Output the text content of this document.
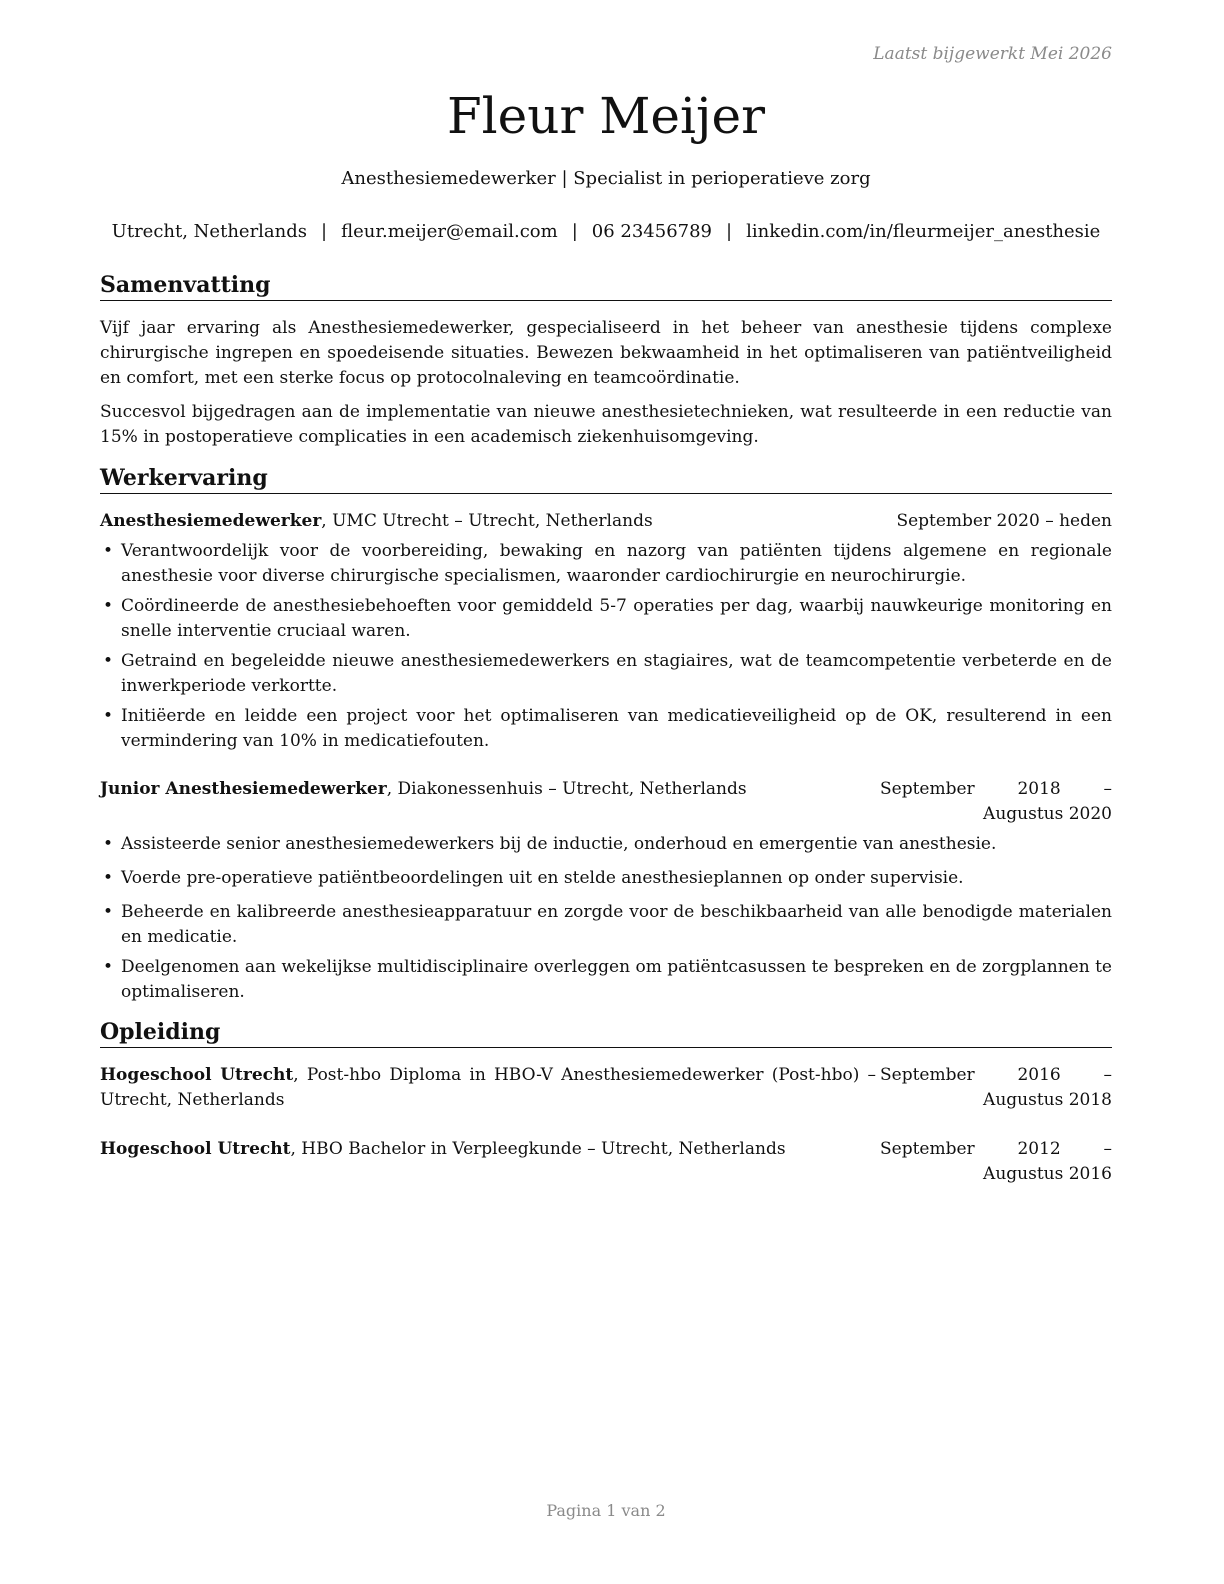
Laatst bijgewerkt Mei 2026
Fleur Meijer
Anesthesiemedewerker | Specialist in perioperatieve zorg
Utrecht, Netherlands | fleur.meijer@email.com | 06 23456789 | linkedin.com/in/fleurmeijer_anesthesie
Samenvatting

Vijf jaar ervaring als Anesthesiemedewerker, gespecialiseerd in het beheer van anesthesie tijdens complexe chirurgische ingrepen en spoedeisende situaties. Bewezen bekwaamheid in het optimaliseren van patiëntveiligheid en comfort, met een sterke focus op protocolnaleving en teamcoördinatie.

Succesvol bijgedragen aan de implementatie van nieuwe anesthesietechnieken, wat resulteerde in een reductie van 15% in postoperatieve complicaties in een academisch ziekenhuisomgeving.

Werkervaring
Anesthesiemedewerker, UMC Utrecht – Utrecht, Netherlands	September 2020 – heden
• Verantwoordelijk voor de voorbereiding, bewaking en nazorg van patiënten tijdens algemene en regionale anesthesie voor diverse chirurgische specialismen, waaronder cardiochirurgie en neurochirurgie.
• Coördineerde de anesthesiebehoeften voor gemiddeld 5-7 operaties per dag, waarbij nauwkeurige monitoring en snelle interventie cruciaal waren.
• Getraind en begeleidde nieuwe anesthesiemedewerkers en stagiaires, wat de teamcompetentie verbeterde en de inwerkperiode verkortte.
• Initiëerde en leidde een project voor het optimaliseren van medicatieveiligheid op de OK, resulterend in een vermindering van 10% in medicatiefouten.
Junior Anesthesiemedewerker, Diakonessenhuis – Utrecht, Netherlands	September 2018 – Augustus 2020
• Assisteerde senior anesthesiemedewerkers bij de inductie, onderhoud en emergentie van anesthesie.
• Voerde pre-operatieve patiëntbeoordelingen uit en stelde anesthesieplannen op onder supervisie.
• Beheerde en kalibreerde anesthesieapparatuur en zorgde voor de beschikbaarheid van alle benodigde materialen en medicatie.
• Deelgenomen aan wekelijkse multidisciplinaire overleggen om patiëntcasussen te bespreken en de zorgplannen te optimaliseren.
Opleiding
Hogeschool Utrecht, Post-hbo Diploma in HBO-V Anesthesiemedewerker (Post-hbo) – Utrecht, Netherlands
September 2016 – Augustus 2018
Hogeschool Utrecht, HBO Bachelor in Verpleegkunde – Utrecht, Netherlands	September 2012 – Augustus 2016
Pagina 1 van 2
